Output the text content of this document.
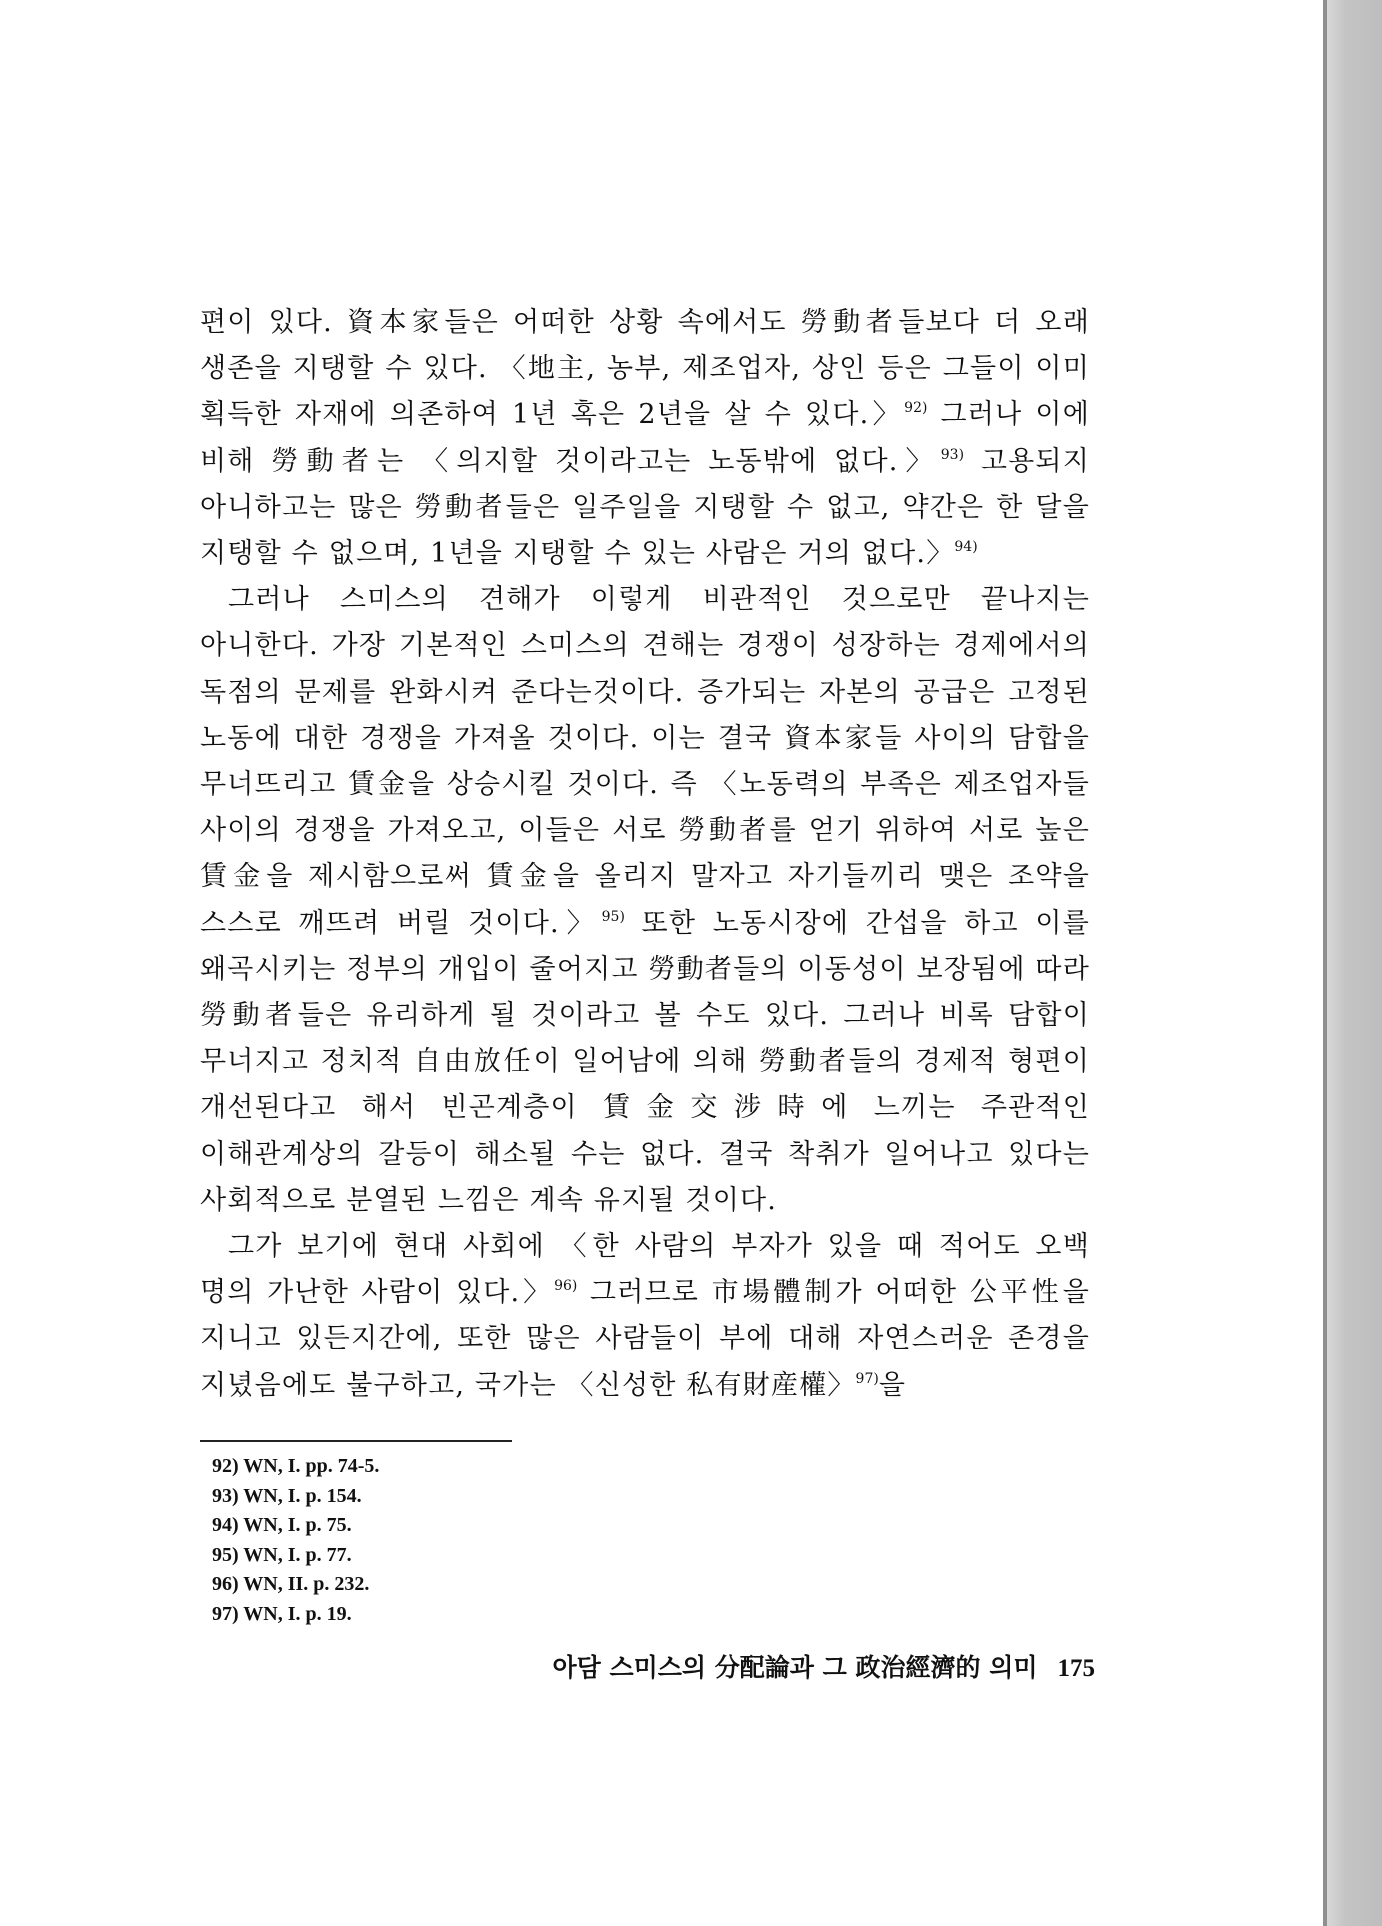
편이 있다. 資本家들은 어떠한 상황 속에서도 勞動者들보다 더 오래 생존을 지탱할 수 있다. 〈地主, 농부, 제조업자, 상인 등은 그들이 이미 획득한 자재에 의존하여 1년 혹은 2년을 살 수 있다.〉$^{92)}$ 그러나 이에 비해 勞動者는 〈의지할 것이라고는 노동밖에 없다.〉$^{93)}$ 고용되지 아니하고는 많은 勞動者들은 일주일을 지탱할 수 없고, 약간은 한 달을 지탱할 수 없으며, 1년을 지탱할 수 있는 사람은 거의 없다.〉$^{94)}$

그러나 스미스의 견해가 이렇게 비관적인 것으로만 끝나지는 아니한다. 가장 기본적인 스미스의 견해는 경쟁이 성장하는 경제에서의 독점의 문제를 완화시켜 준다는것이다. 증가되는 자본의 공급은 고정된 노동에 대한 경쟁을 가져올 것이다. 이는 결국 資本家들 사이의 담합을 무너뜨리고 賃金을 상승시킬 것이다. 즉 〈노동력의 부족은 제조업자들 사이의 경쟁을 가져오고, 이들은 서로 勞動者를 얻기 위하여 서로 높은 賃金을 제시함으로써 賃金을 올리지 말자고 자기들끼리 맺은 조약을 스스로 깨뜨려 버릴 것이다.〉$^{95)}$ 또한 노동시장에 간섭을 하고 이를 왜곡시키는 정부의 개입이 줄어지고 勞動者들의 이동성이 보장됨에 따라 勞動者들은 유리하게 될 것이라고 볼 수도 있다. 그러나 비록 담합이 무너지고 정치적 自由放任이 일어남에 의해 勞動者들의 경제적 형편이 개선된다고 해서 빈곤계층이 賃金交涉時에 느끼는 주관적인 이해관계상의 갈등이 해소될 수는 없다. 결국 착취가 일어나고 있다는 사회적으로 분열된 느낌은 계속 유지될 것이다.

그가 보기에 현대 사회에 〈한 사람의 부자가 있을 때 적어도 오백 명의 가난한 사람이 있다.〉$^{96)}$ 그러므로 市場體制가 어떠한 公平性을 지니고 있든지간에, 또한 많은 사람들이 부에 대해 자연스러운 존경을 지녔음에도 불구하고, 국가는 〈신성한 私有財産權〉$^{97)}$을

92) WN, I. pp. 74-5.
93) WN, I. p. 154.
94) WN, I. p. 75.
95) WN, I. p. 77.
96) WN, II. p. 232.
97) WN, I. p. 19.
아담 스미스의 分配論과 그 政治經濟的 의미 175
